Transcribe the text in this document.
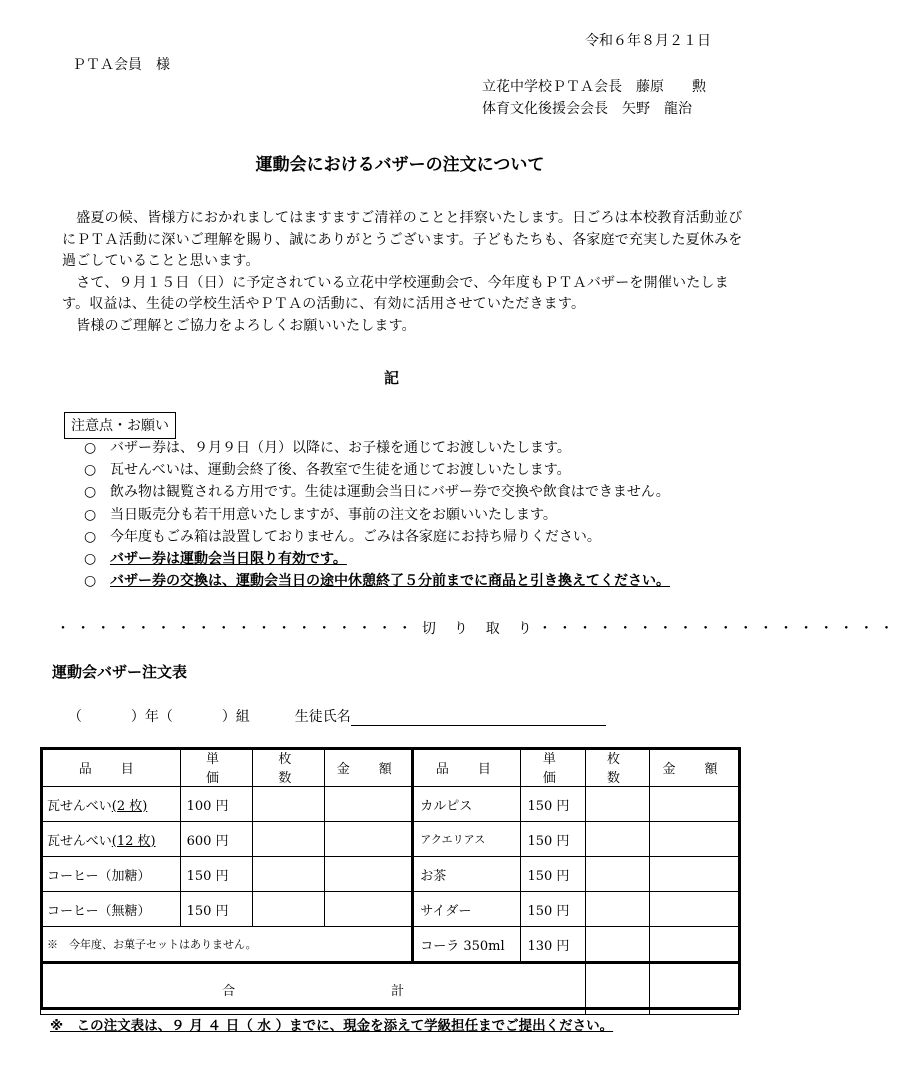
令和６年８月２１日
ＰＴＡ会員　様
立花中学校ＰＴＡ会長　藤原　　勲
体育文化後援会会長　矢野　龍治
運動会におけるバザーの注文について

　盛夏の候、皆様方におかれましてはますますご清祥のことと拝察いたします。日ごろは本校教育活動並びにＰＴＡ活動に深いご理解を賜り、誠にありがとうございます。子どもたちも、各家庭で充実した夏休みを過ごしていることと思います。

　さて、９月１５日（日）に予定されている立花中学校運動会で、今年度もＰＴＡバザーを開催いたします。収益は、生徒の学校生活やＰＴＡの活動に、有効に活用させていただきます。

　皆様のご理解とご協力をよろしくお願いいたします。

記
注意点・お願い
○ バザー券は、９月９日（月）以降に、お子様を通じてお渡しいたします。
○ 瓦せんべいは、運動会終了後、各教室で生徒を通じてお渡しいたします。
○ 飲み物は観覧される方用です。生徒は運動会当日にバザー券で交換や飲食はできません。
○ 当日販売分も若干用意いたしますが、事前の注文をお願いいたします。
○ 今年度もごみ箱は設置しておりません。ごみは各家庭にお持ち帰りください。
○ バザー券は運動会当日限り有効です。
○ バザー券の交換は、運動会当日の途中休憩終了５分前までに商品と引き換えてください。
・・・・・・・・・・・・・・・・・・ 切　り　取　り ・・・・・・・・・・・・・・・・・・
運動会バザー注文表
（	）年（	）組	生徒氏名
品　目	単　価	枚　数	金　額	品　目	単　価	枚　数	金　額
瓦せんべい(2 枚)	100 円			カルピス	150 円		
瓦せんべい(12 枚)	600 円			アクエリアス	150 円		
コーヒー（加糖）	150 円			お茶	150 円		
コーヒー（無糖）	150 円			サイダー	150 円		
※　今年度、お菓子セットはありません。				コーラ 350ml	130 円		
合　　　　　　　　　　　　計							
※　この注文表は、９ 月 ４ 日（ 水 ）までに、現金を添えて学級担任までご提出ください。
